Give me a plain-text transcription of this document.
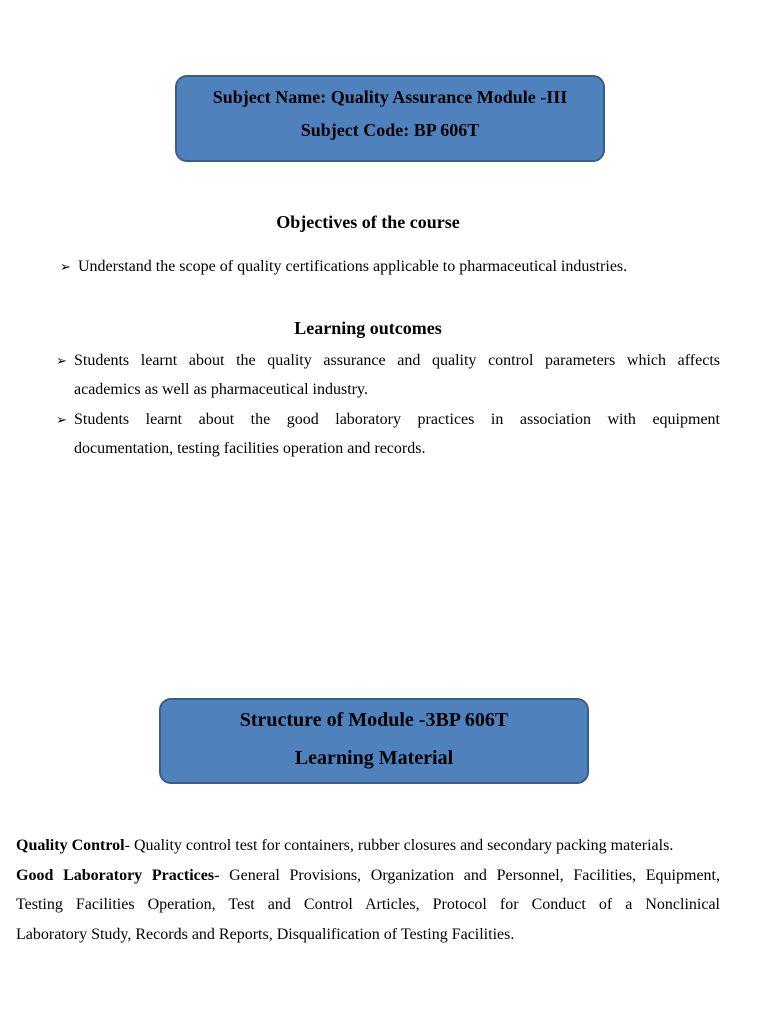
Subject Name: Quality Assurance Module -III
Subject Code: BP 606T
Objectives of the course
➢ Understand the scope of quality certifications applicable to pharmaceutical industries.
Learning outcomes
➢ Students learnt about the quality assurance and quality control parameters which affects
academics as well as pharmaceutical industry.
➢ Students learnt about the good laboratory practices in association with equipment
documentation, testing facilities operation and records.
Structure of Module -3BP 606T
Learning Material
Quality Control- Quality control test for containers, rubber closures and secondary packing materials.
Good Laboratory Practices- General Provisions, Organization and Personnel, Facilities, Equipment,
Testing Facilities Operation, Test and Control Articles, Protocol for Conduct of a Nonclinical
Laboratory Study, Records and Reports, Disqualification of Testing Facilities.
